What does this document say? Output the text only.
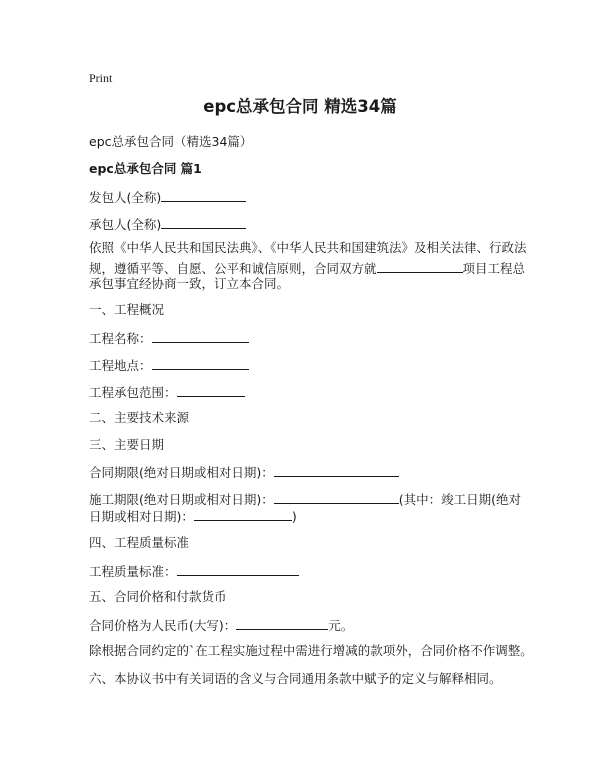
Print
epc总承包合同 精选34篇
epc总承包合同（精选34篇）
epc总承包合同 篇1
发包人(全称)
承包人(全称)
依照《中华人民共和国民法典》、《中华人民共和国建筑法》及相关法律、行政法
规，遵循平等、自愿、公平和诚信原则，合同双方就	项目工程总
承包事宜经协商一致，订立本合同。
一、工程概况
工程名称：
工程地点：
工程承包范围：
二、主要技术来源
三、主要日期
合同期限(绝对日期或相对日期)：
施工期限(绝对日期或相对日期)：	(其中：竣工日期(绝对
日期或相对日期)：	)
四、工程质量标准
工程质量标准：
五、合同价格和付款货币
合同价格为人民币(大写)：	元。
除根据合同约定的`在工程实施过程中需进行增减的款项外，合同价格不作调整。
六、本协议书中有关词语的含义与合同通用条款中赋予的定义与解释相同。
